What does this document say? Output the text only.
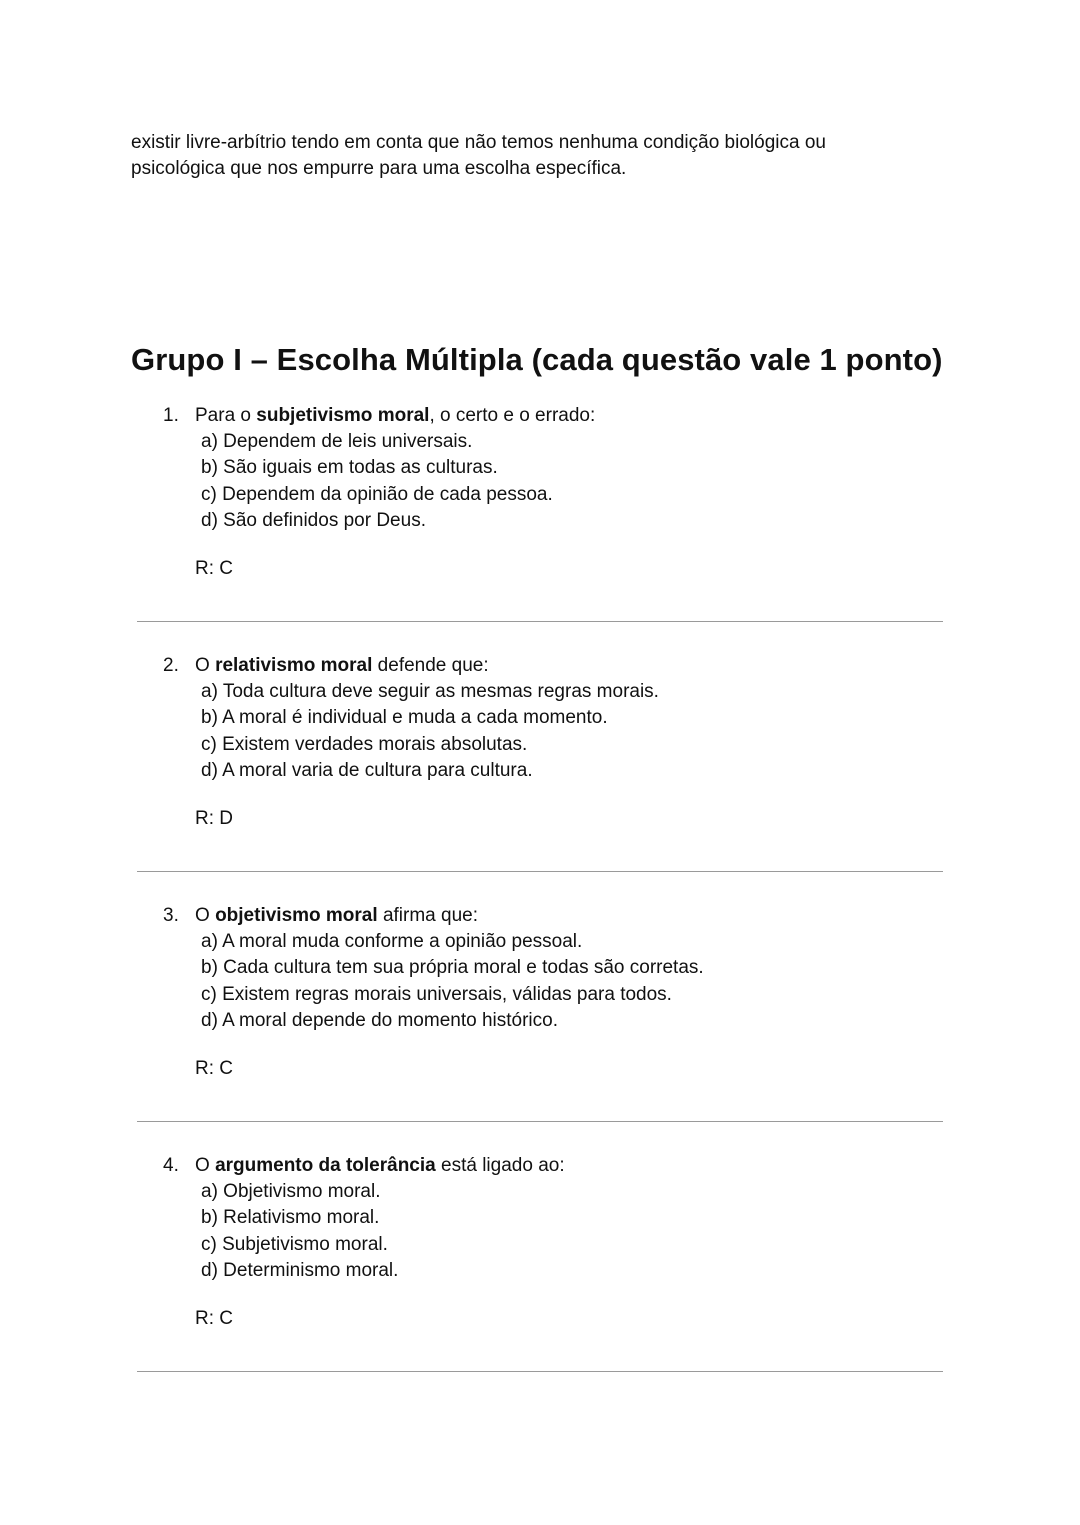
existir livre-arbítrio tendo em conta que não temos nenhuma condição biológica ou
psicológica que nos empurre para uma escolha específica.

Grupo I – Escolha Múltipla (cada questão vale 1 ponto)
1. Para o subjetivismo moral, o certo e o errado:
a) Dependem de leis universais.
b) São iguais em todas as culturas.
c) Dependem da opinião de cada pessoa.
d) São definidos por Deus.
R: C
2. O relativismo moral defende que:
a) Toda cultura deve seguir as mesmas regras morais.
b) A moral é individual e muda a cada momento.
c) Existem verdades morais absolutas.
d) A moral varia de cultura para cultura.
R: D
3. O objetivismo moral afirma que:
a) A moral muda conforme a opinião pessoal.
b) Cada cultura tem sua própria moral e todas são corretas.
c) Existem regras morais universais, válidas para todos.
d) A moral depende do momento histórico.
R: C
4. O argumento da tolerância está ligado ao:
a) Objetivismo moral.
b) Relativismo moral.
c) Subjetivismo moral.
d) Determinismo moral.
R: C
